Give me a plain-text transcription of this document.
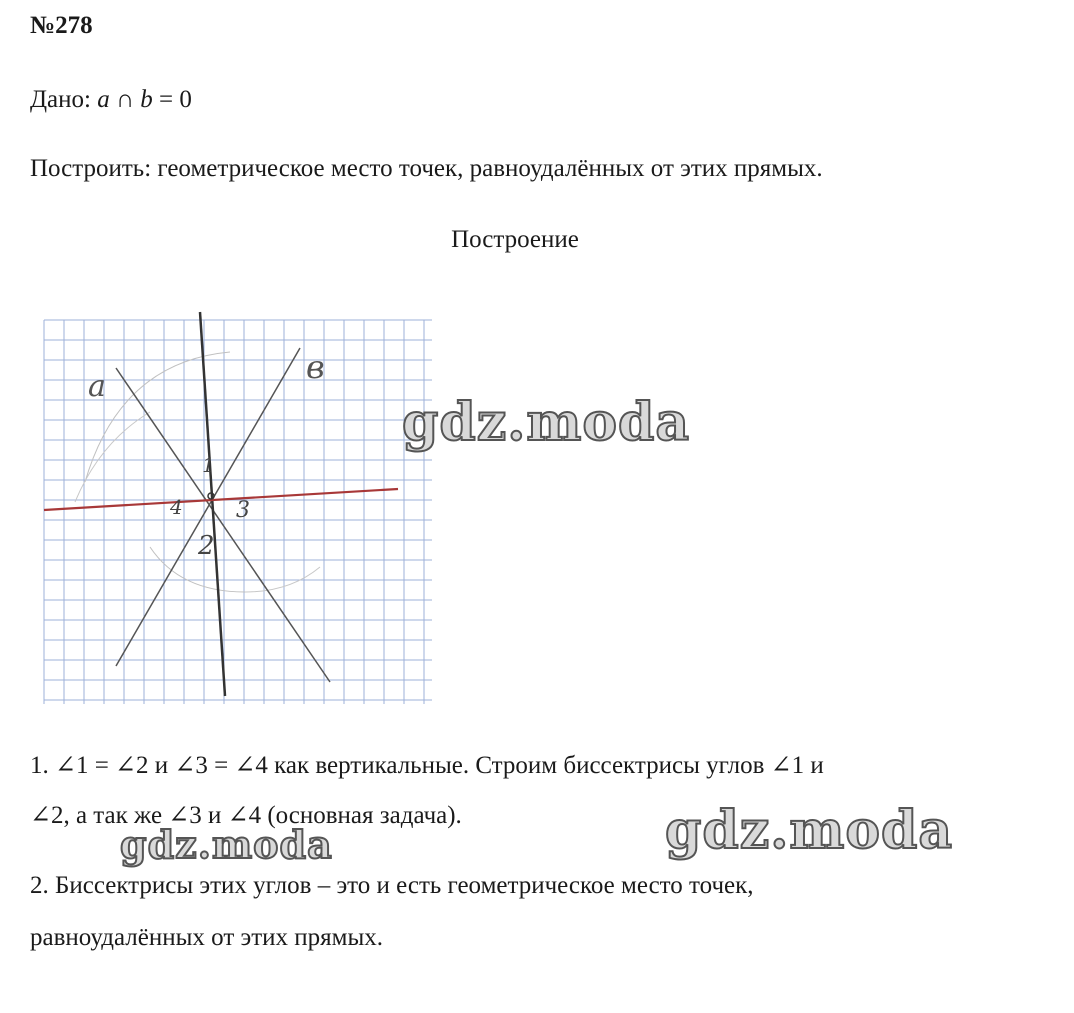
№278
Дано: a ∩ b = 0
Построить: геометрическое место точек, равноудалённых от этих прямых.
Построение
a
в
1
4 3
2
1. ∠1 = ∠2 и ∠3 = ∠4 как вертикальные. Строим биссектрисы углов ∠1 и
∠2, а так же ∠3 и ∠4 (основная задача).
2. Биссектрисы этих углов – это и есть геометрическое место точек,
равноудалённых от этих прямых.
gdz.moda
gdz.moda
gdz.moda
